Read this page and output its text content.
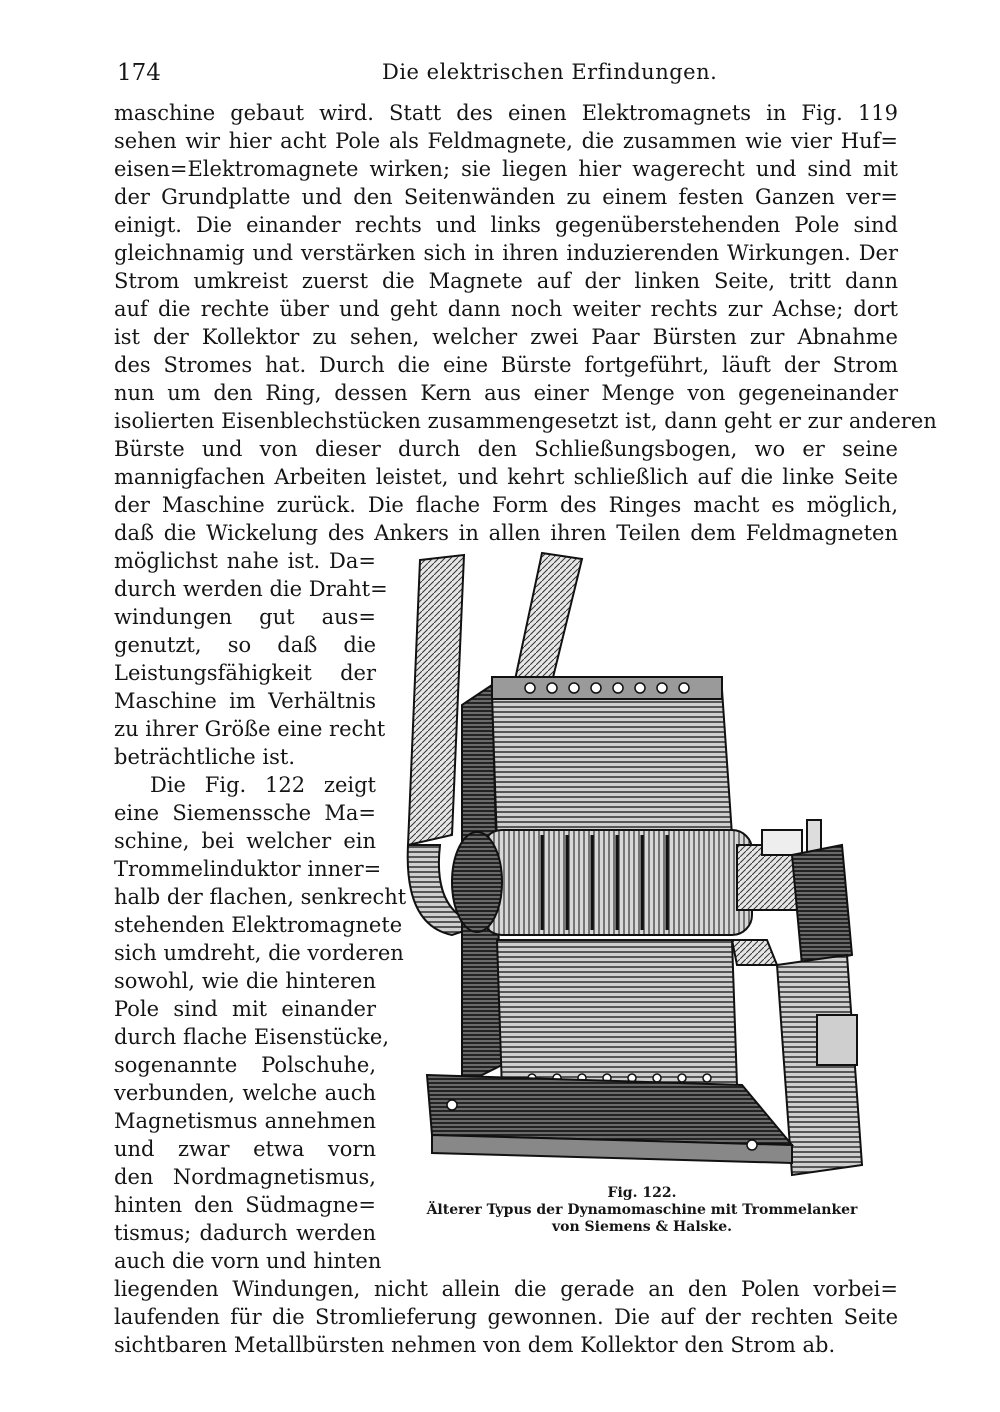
174	Die elektrischen Erfindungen.
maschine gebaut wird. Statt des einen Elektromagnets in Fig. 119
sehen wir hier acht Pole als Feldmagnete, die zusammen wie vier Huf=
eisen=Elektromagnete wirken; sie liegen hier wagerecht und sind mit
der Grundplatte und den Seitenwänden zu einem festen Ganzen ver=
einigt. Die einander rechts und links gegenüberstehenden Pole sind
gleichnamig und verstärken sich in ihren induzierenden Wirkungen. Der
Strom umkreist zuerst die Magnete auf der linken Seite, tritt dann
auf die rechte über und geht dann noch weiter rechts zur Achse; dort
ist der Kollektor zu sehen, welcher zwei Paar Bürsten zur Abnahme
des Stromes hat. Durch die eine Bürste fortgeführt, läuft der Strom
nun um den Ring, dessen Kern aus einer Menge von gegeneinander
isolierten Eisenblechstücken zusammengesetzt ist, dann geht er zur anderen
Bürste und von dieser durch den Schließungsbogen, wo er seine
mannigfachen Arbeiten leistet, und kehrt schließlich auf die linke Seite
der Maschine zurück. Die flache Form des Ringes macht es möglich,
daß die Wickelung des Ankers in allen ihren Teilen dem Feldmagneten
möglichst nahe ist. Da=
durch werden die Draht=
windungen gut aus=
genutzt, so daß die
Leistungsfähigkeit der
Maschine im Verhältnis
zu ihrer Größe eine recht
beträchtliche ist.
Die Fig. 122 zeigt
eine Siemenssche Ma=
schine, bei welcher ein
Trommelinduktor inner=
halb der flachen, senkrecht
stehenden Elektromagnete
sich umdreht, die vorderen
sowohl, wie die hinteren
Pole sind mit einander
durch flache Eisenstücke,
sogenannte Polschuhe,
verbunden, welche auch
Magnetismus annehmen
und zwar etwa vorn
den Nordmagnetismus,
hinten den Südmagne=
tismus; dadurch werden
auch die vorn und hinten
liegenden Windungen, nicht allein die gerade an den Polen vorbei=
laufenden für die Stromlieferung gewonnen. Die auf der rechten Seite
sichtbaren Metallbürsten nehmen von dem Kollektor den Strom ab.
Fig. 122.
Älterer Typus der Dynamomaschine mit Trommelanker
von Siemens & Halske.
